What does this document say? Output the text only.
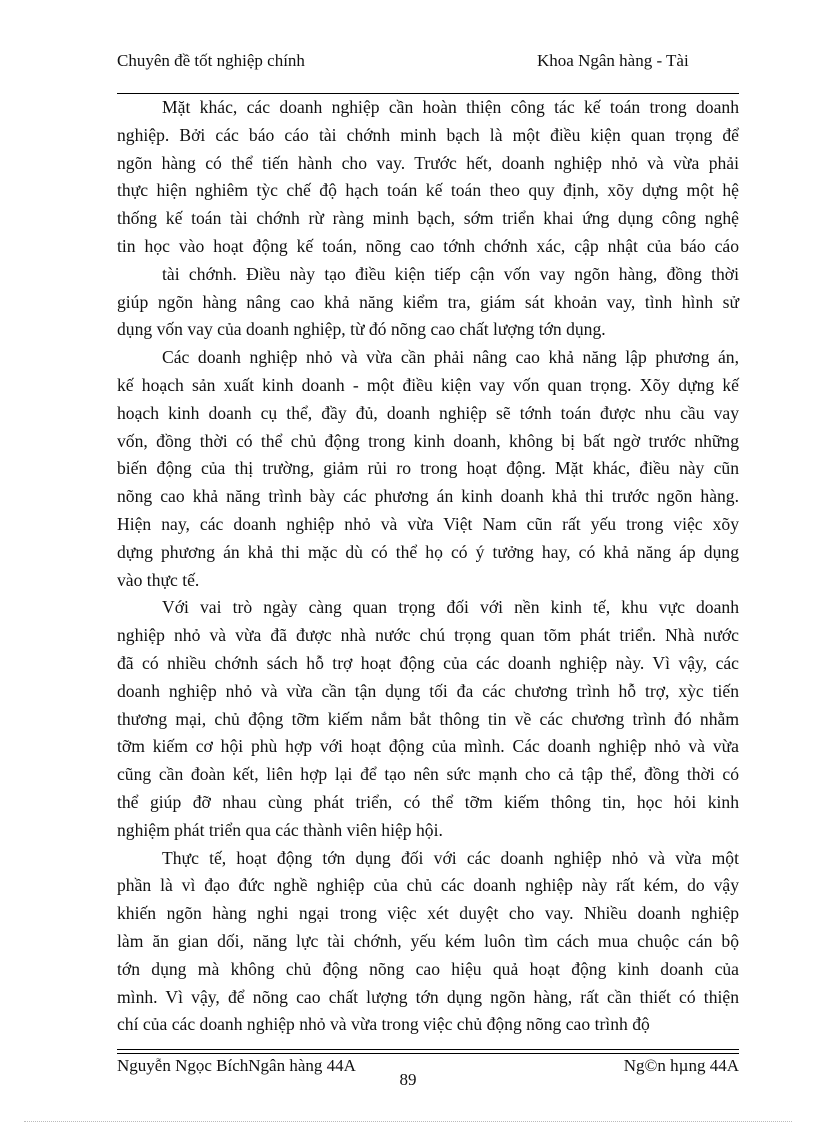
Chuyên đề tốt nghiệp chính	Khoa Ngân hàng - Tài
Mặt khác, các doanh nghiệp cần hoàn thiện công tác kế toán trong doanh
nghiệp. Bởi các báo cáo tài chớnh minh bạch là một điều kiện quan trọng để
ngõn hàng có thể tiến hành cho vay. Trước hết, doanh nghiệp nhỏ và vừa phải
thực hiện nghiêm tỳc chế độ hạch toán kế toán theo quy định, xõy dựng một hệ
thống kế toán tài chớnh rừ ràng minh bạch, sớm triển khai ứng dụng công nghệ
tin học vào hoạt động kế toán, nõng cao tớnh chớnh xác, cập nhật của báo cáo
tài chớnh. Điều này tạo điều kiện tiếp cận vốn vay ngõn hàng, đồng thời
giúp ngõn hàng nâng cao khả năng kiểm tra, giám sát khoản vay, tình hình sử
dụng vốn vay của doanh nghiệp, từ đó nõng cao chất lượng tớn dụng.
Các doanh nghiệp nhỏ và vừa cần phải nâng cao khả năng lập phương án,
kế hoạch sản xuất kinh doanh - một điều kiện vay vốn quan trọng. Xõy dựng kế
hoạch kinh doanh cụ thể, đầy đủ, doanh nghiệp sẽ tớnh toán được nhu cầu vay
vốn, đồng thời có thể chủ động trong kinh doanh, không bị bất ngờ trước những
biến động của thị trường, giảm rủi ro trong hoạt động. Mặt khác, điều này cũn
nõng cao khả năng trình bày các phương án kinh doanh khả thi trước ngõn hàng.
Hiện nay, các doanh nghiệp nhỏ và vừa Việt Nam cũn rất yếu trong việc xõy
dựng phương án khả thi mặc dù có thể họ có ý tưởng hay, có khả năng áp dụng
vào thực tế.
Với vai trò ngày càng quan trọng đối với nền kinh tế, khu vực doanh
nghiệp nhỏ và vừa đã được nhà nước chú trọng quan tõm phát triển. Nhà nước
đã có nhiều chớnh sách hỗ trợ hoạt động của các doanh nghiệp này. Vì vậy, các
doanh nghiệp nhỏ và vừa cần tận dụng tối đa các chương trình hỗ trợ, xỳc tiến
thương mại, chủ động tỡm kiếm nắm bắt thông tin về các chương trình đó nhằm
tỡm kiếm cơ hội phù hợp với hoạt động của mình. Các doanh nghiệp nhỏ và vừa
cũng cần đoàn kết, liên hợp lại để tạo nên sức mạnh cho cả tập thể, đồng thời có
thể giúp đỡ nhau cùng phát triển, có thể tỡm kiếm thông tin, học hỏi kinh
nghiệm phát triển qua các thành viên hiệp hội.
Thực tế, hoạt động tớn dụng đối với các doanh nghiệp nhỏ và vừa một
phần là vì đạo đức nghề nghiệp của chủ các doanh nghiệp này rất kém, do vậy
khiến ngõn hàng nghi ngại trong việc xét duyệt cho vay. Nhiều doanh nghiệp
làm ăn gian dối, năng lực tài chớnh, yếu kém luôn tìm cách mua chuộc cán bộ
tớn dụng mà không chủ động nõng cao hiệu quả hoạt động kinh doanh của
mình. Vì vậy, để nõng cao chất lượng tớn dụng ngõn hàng, rất cần thiết có thiện
chí của các doanh nghiệp nhỏ và vừa trong việc chủ động nõng cao trình độ
Nguyễn Ngọc BíchNgân hàng 44A	Ng©n hµng 44A
89
